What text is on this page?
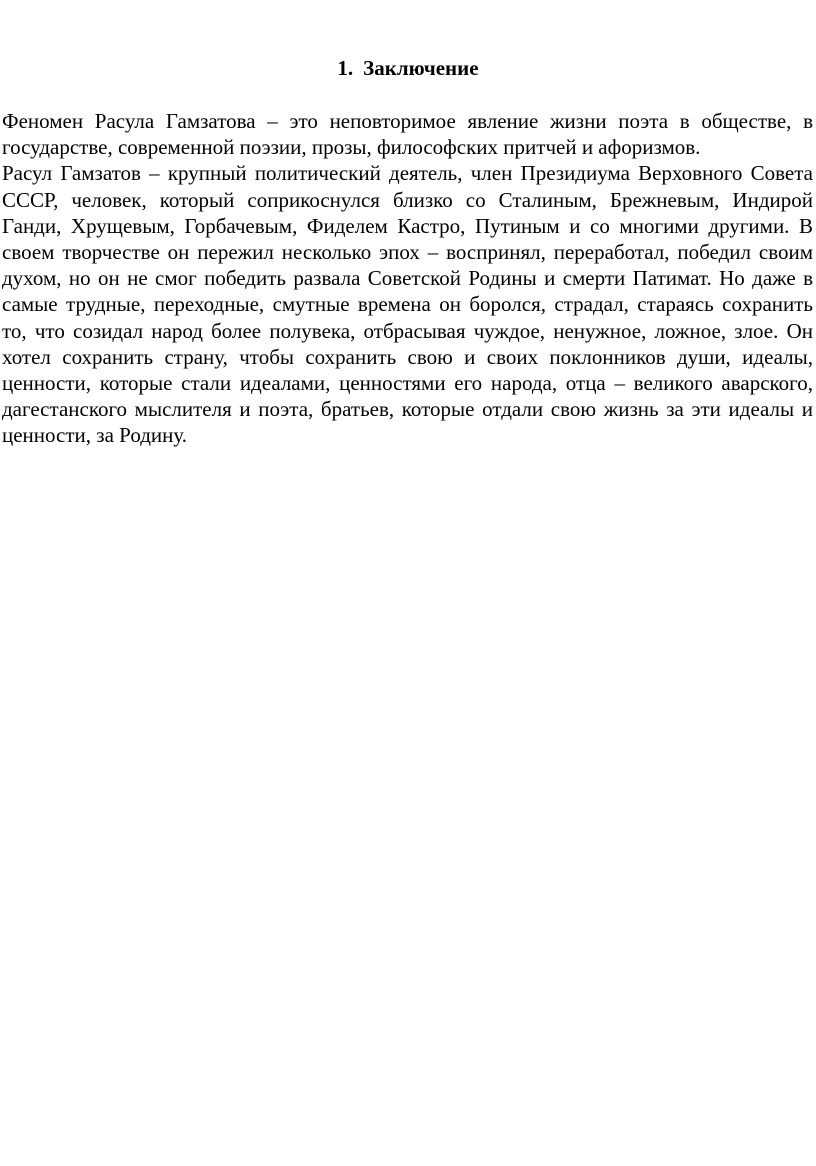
1. Заключение

Феномен Расула Гамзатова – это неповторимое явление жизни поэта в обществе, в государстве, современной поэзии, прозы, философских притчей и афоризмов.

Расул Гамзатов – крупный политический деятель, член Президиума Верховного Совета СССР, человек, который соприкоснулся близко со Сталиным, Брежневым, Индирой Ганди, Хрущевым, Горбачевым, Фиделем Кастро, Путиным и со многими другими. В своем творчестве он пережил несколько эпох – воспринял, переработал, победил своим духом, но он не смог победить развала Советской Родины и смерти Патимат. Но даже в самые трудные, переходные, смутные времена он боролся, страдал, стараясь сохранить то, что созидал народ более полувека, отбрасывая чуждое, ненужное, ложное, злое. Он хотел сохранить страну, чтобы сохранить свою и своих поклонников души, идеалы, ценности, которые стали идеалами, ценностями его народа, отца – великого аварского, дагестанского мыслителя и поэта, братьев, которые отдали свою жизнь за эти идеалы и ценности, за Родину.
